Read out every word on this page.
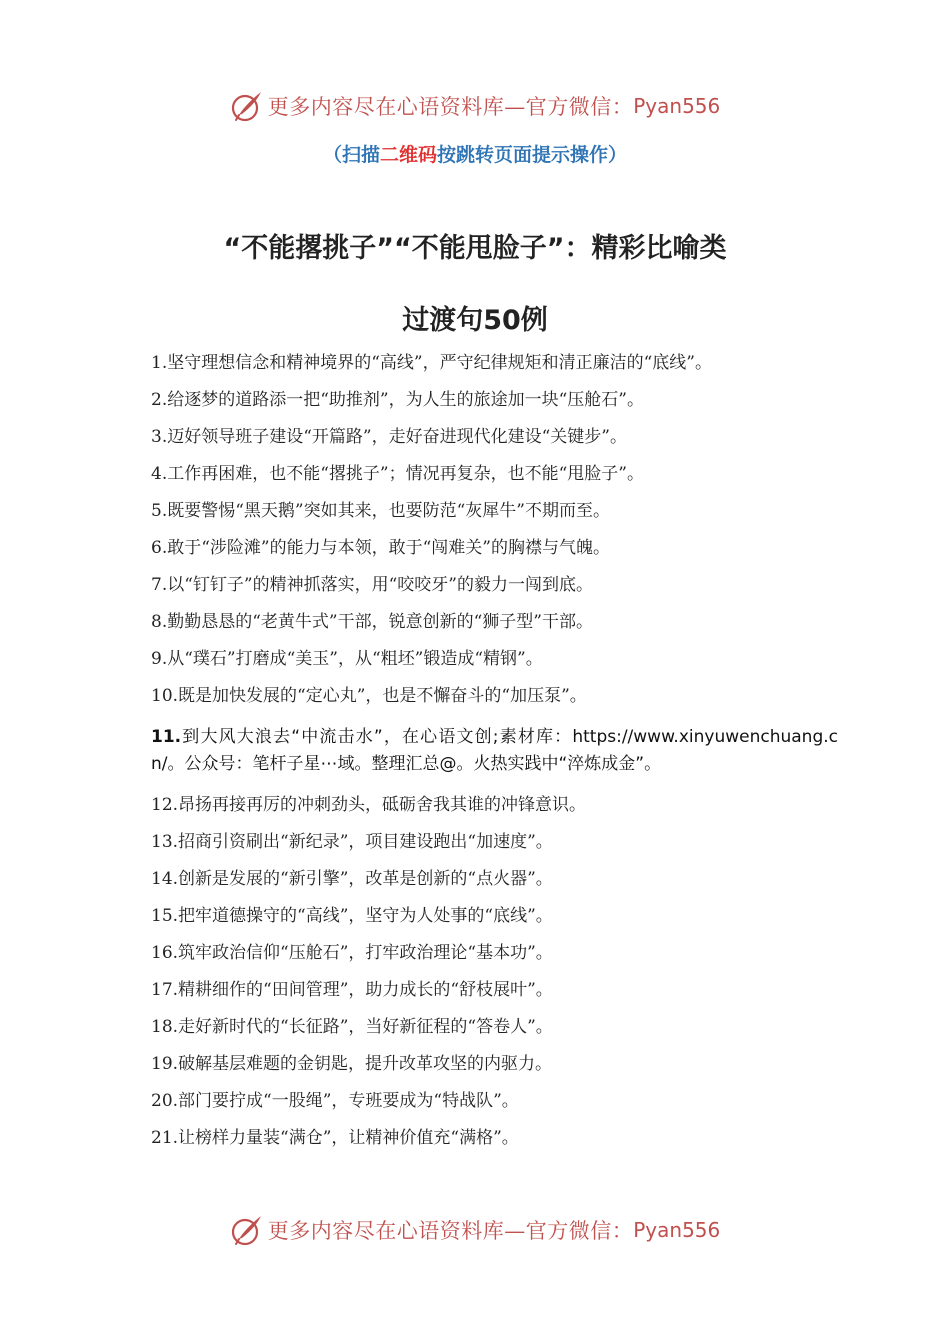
更多内容尽在心语资料库—官方微信： Pyan556
（扫描二维码按跳转页面提示操作）
“不能撂挑子”“不能甩脸子”：精彩比喻类
过渡句50例
1.坚守理想信念和精神境界的“高线”，严守纪律规矩和清正廉洁的“底线”。
2.给逐梦的道路添一把“助推剂”，为人生的旅途加一块“压舱石”。
3.迈好领导班子建设“开篇路”，走好奋进现代化建设“关键步”。
4.工作再困难，也不能“撂挑子”；情况再复杂，也不能“甩脸子”。
5.既要警惕“黑天鹅”突如其来，也要防范“灰犀牛”不期而至。
6.敢于“涉险滩”的能力与本领，敢于“闯难关”的胸襟与气魄。
7.以“钉钉子”的精神抓落实，用“咬咬牙”的毅力一闯到底。
8.勤勤恳恳的“老黄牛式”干部，锐意创新的“狮子型”干部。
9.从“璞石”打磨成“美玉”，从“粗坯”锻造成“精钢”。
10.既是加快发展的“定心丸”，也是不懈奋斗的“加压泵”。
11.到大风大浪去“中流击水”，在心语文创;素材库：https://www.xinyuwenchuang.cn/。公众号：笔杆子星⋯域。整理汇总@。火热实践中“淬炼成金”。
12.昂扬再接再厉的冲刺劲头，砥砺舍我其谁的冲锋意识。
13.招商引资刷出“新纪录”，项目建设跑出“加速度”。
14.创新是发展的“新引擎”，改革是创新的“点火器”。
15.把牢道德操守的“高线”，坚守为人处事的“底线”。
16.筑牢政治信仰“压舱石”，打牢政治理论“基本功”。
17.精耕细作的“田间管理”，助力成长的“舒枝展叶”。
18.走好新时代的“长征路”，当好新征程的“答卷人”。
19.破解基层难题的金钥匙，提升改革攻坚的内驱力。
20.部门要拧成“一股绳”，专班要成为“特战队”。
21.让榜样力量装“满仓”，让精神价值充“满格”。
更多内容尽在心语资料库—官方微信： Pyan556
